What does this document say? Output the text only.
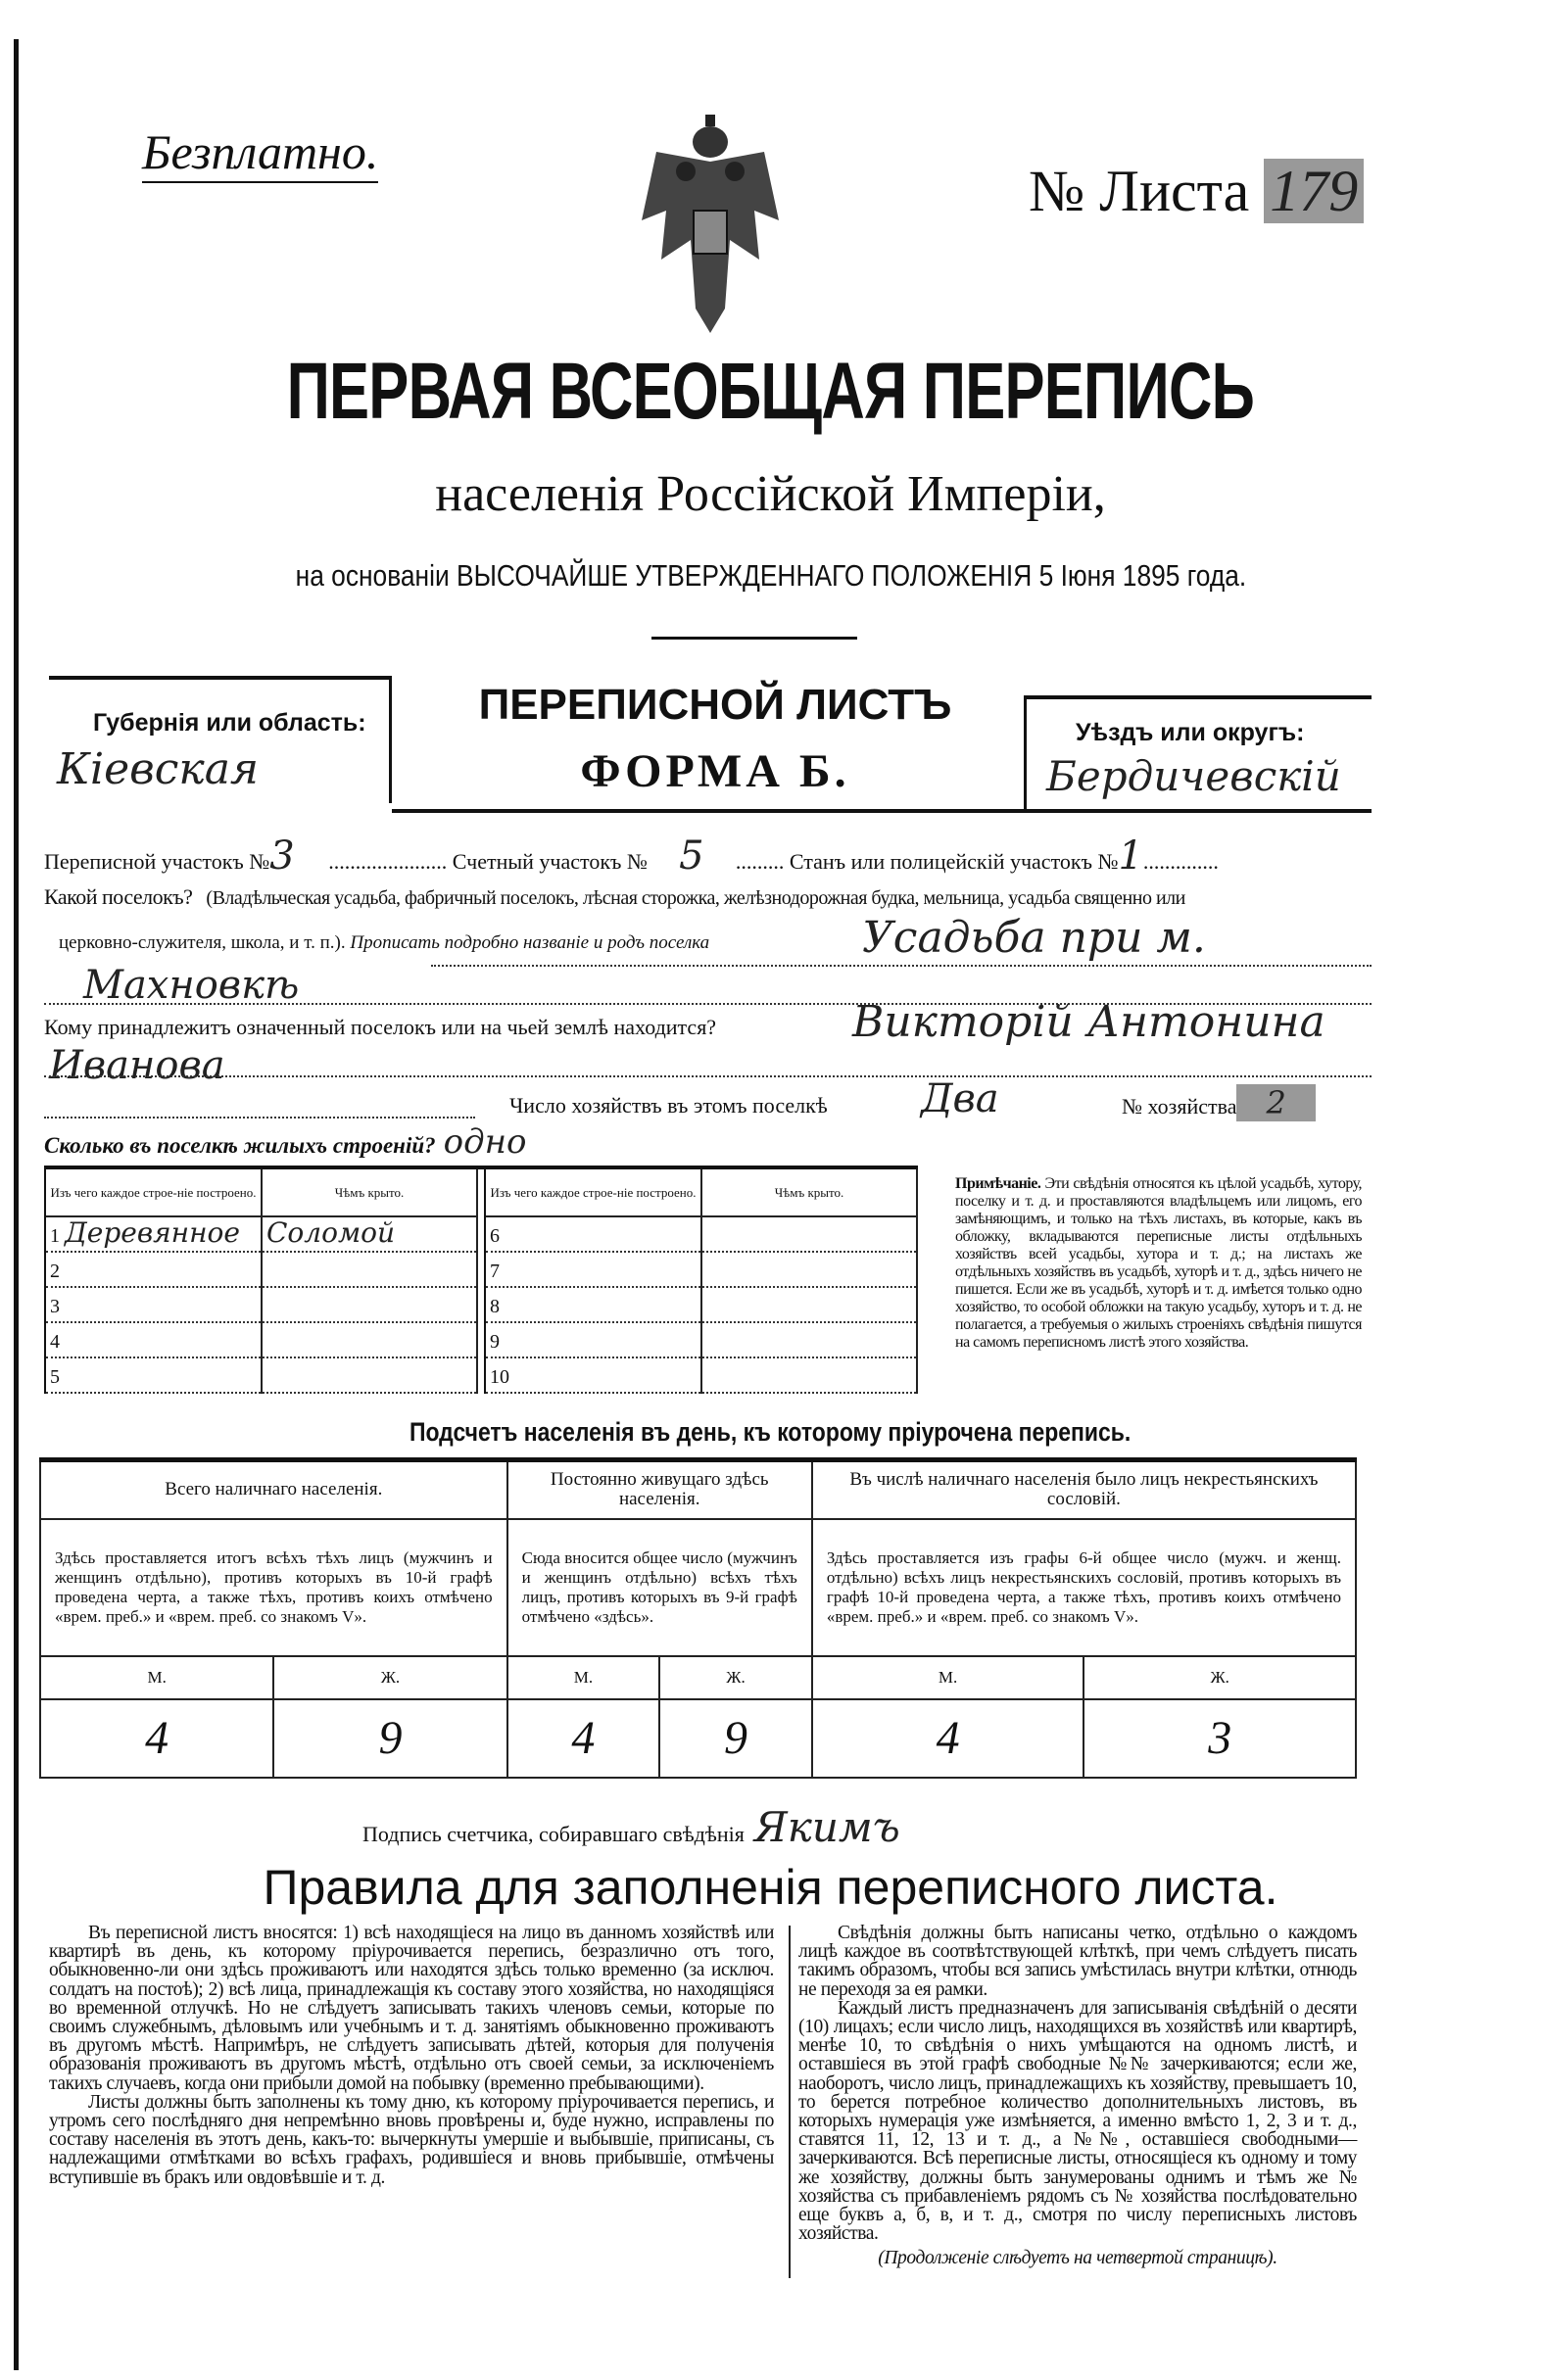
Безплатно.
№ Листа 179
ПЕРВАЯ ВСЕОБЩАЯ ПЕРЕПИСЬ
населенія Россійской Имперіи,
на основаніи ВЫСОЧАЙШЕ УТВЕРЖДЕННАГО ПОЛОЖЕНІЯ 5 Іюня 1895 года.
Губернія или область:
Кіевская
ПЕРЕПИСНОЙ ЛИСТЪ
ФОРМА Б.
Уѣздъ или округъ:
Бердичевскій
Переписной участокъ №3 ...................... Счетный участокъ № 5 ......... Станъ или полицейскій участокъ №1..............
Какой поселокъ? (Владѣльческая усадьба, фабричный поселокъ, лѣсная сторожка, желѣзнодорожная будка, мельница, усадьба священно или
церковно-служителя, школа, и т. п.). Прописать подробно названіе и родъ поселка	Усадьба при м.
Махновкѣ
Кому принадлежитъ означенный поселокъ или на чьей землѣ находится?	Викторій Антонина
Иванова
Число хозяйствъ въ этомъ поселкѣ Два	№ хозяйства 2
Сколько въ поселкѣ жилыхъ строеній? одно
Изъ чего каждое строе-ніе построено.	Чѣмъ крыто.
1 Деревянное	Соломой
2	
3	
4	
5	
Изъ чего каждое строе-ніе построено.	Чѣмъ крыто.
6	
7	
8	
9	
10	
Примѣчаніе. Эти свѣдѣнія относятся къ цѣлой усадьбѣ, хутору, поселку и т. д. и проставляются владѣльцемъ или лицомъ, его замѣняющимъ, и только на тѣхъ листахъ, въ которые, какъ въ обложку, вкладываются переписные листы отдѣльныхъ хозяйствъ всей усадьбы, хутора и т. д.; на листахъ же отдѣльныхъ хозяйствъ въ усадьбѣ, хуторѣ и т. д., здѣсь ничего не пишется. Если же въ усадьбѣ, хуторѣ и т. д. имѣется только одно хозяйство, то особой обложки на такую усадьбу, хуторъ и т. д. не полагается, а требуемыя о жилыхъ строеніяхъ свѣдѣнія пишутся на самомъ переписномъ листѣ этого хозяйства.
Подсчетъ населенія въ день, къ которому пріурочена перепись.
Всего наличнаго населенія.		Постоянно живущаго здѣсь населенія.		Въ числѣ наличнаго населенія было лицъ некрестьянскихъ сословій.	
Здѣсь проставляется итогъ всѣхъ тѣхъ лицъ (мужчинъ и женщинъ отдѣльно), противъ которыхъ въ 10-й графѣ проведена черта, а также тѣхъ, противъ коихъ отмѣчено «врем. преб.» и «врем. преб. со знакомъ V».		Сюда вносится общее число (мужчинъ и женщинъ отдѣльно) всѣхъ тѣхъ лицъ, противъ которыхъ въ 9-й графѣ отмѣчено «здѣсь».		Здѣсь проставляется изъ графы 6-й общее число (мужч. и женщ. отдѣльно) всѣхъ лицъ некрестьянскихъ сословій, противъ которыхъ въ графѣ 10-й проведена черта, а также тѣхъ, противъ коихъ отмѣчено «врем. преб.» и «врем. преб. со знакомъ V».	
М.	Ж.	М.	Ж.	М.	Ж.
4	9	4	9	4	3
Подпись счетчика, собиравшаго свѣдѣнія Якимъ
Правила для заполненія переписного листа.

Въ переписной листъ вносятся: 1) всѣ находящіеся на лицо въ данномъ хозяйствѣ или квартирѣ въ день, къ которому пріурочивается перепись, безразлично отъ того, обыкновенно-ли они здѣсь проживаютъ или находятся здѣсь только временно (за исключ. солдатъ на постоѣ); 2) всѣ лица, принадлежащія къ составу этого хозяйства, но находящіяся во временной отлучкѣ. Но не слѣдуетъ записывать такихъ членовъ семьи, которые по своимъ служебнымъ, дѣловымъ или учебнымъ и т. д. занятіямъ обыкновенно проживаютъ въ другомъ мѣстѣ. Напримѣръ, не слѣдуетъ записывать дѣтей, которыя для полученія образованія проживаютъ въ другомъ мѣстѣ, отдѣльно отъ своей семьи, за исключеніемъ такихъ случаевъ, когда они прибыли домой на побывку (временно пребывающими).

Листы должны быть заполнены къ тому дню, къ которому пріурочивается перепись, и утромъ сего послѣдняго дня непремѣнно вновь провѣрены и, буде нужно, исправлены по составу населенія въ этотъ день, какъ-то: вычеркнуты умершіе и выбывшіе, приписаны, съ надлежащими отмѣтками во всѣхъ графахъ, родившіеся и вновь прибывшіе, отмѣчены вступившіе въ бракъ или овдовѣвшіе и т. д.

Свѣдѣнія должны быть написаны четко, отдѣльно о каждомъ лицѣ каждое въ соотвѣтствующей клѣткѣ, при чемъ слѣдуетъ писать такимъ образомъ, чтобы вся запись умѣстилась внутри клѣтки, отнюдь не переходя за ея рамки.

Каждый листъ предназначенъ для записыванія свѣдѣній о десяти (10) лицахъ; если число лицъ, находящихся въ хозяйствѣ или квартирѣ, менѣе 10, то свѣдѣнія о нихъ умѣщаются на одномъ листѣ, и оставшіеся въ этой графѣ свободные №№ зачеркиваются; если же, наоборотъ, число лицъ, принадлежащихъ къ хозяйству, превышаетъ 10, то берется потребное количество дополнительныхъ листовъ, въ которыхъ нумерація уже измѣняется, а именно вмѣсто 1, 2, 3 и т. д., ставятся 11, 12, 13 и т. д., а №№, оставшіеся свободными—зачеркиваются. Всѣ переписные листы, относящіеся къ одному и тому же хозяйству, должны быть занумерованы однимъ и тѣмъ же № хозяйства съ прибавленіемъ рядомъ съ № хозяйства послѣдовательно еще буквъ а, б, в, и т. д., смотря по числу переписныхъ листовъ хозяйства.

(Продолженіе слѣдуетъ на четвертой страницѣ).
